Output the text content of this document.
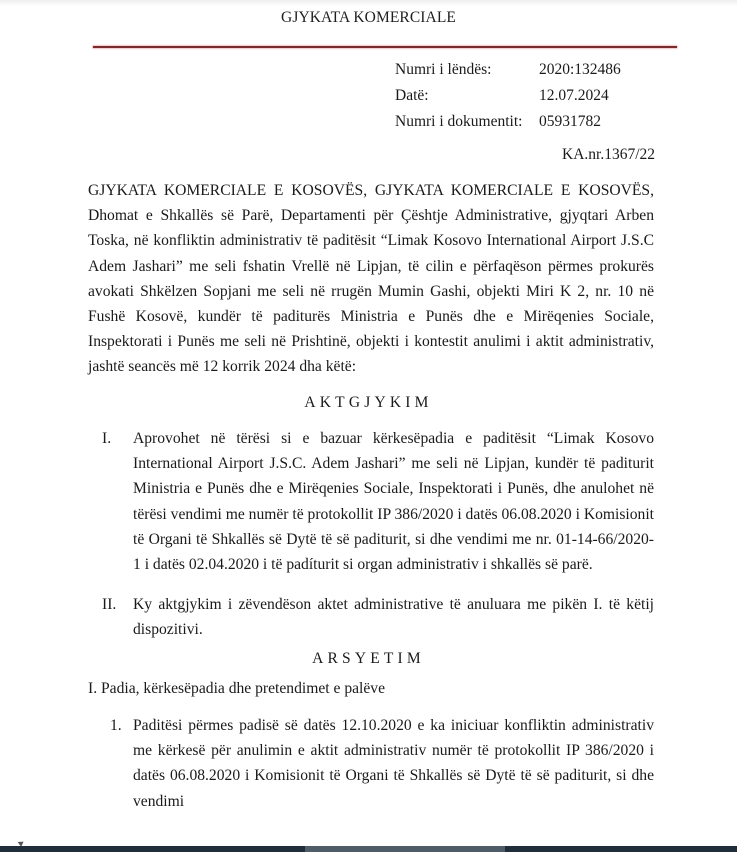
GJYKATA KOMERCIALE
Numri i lëndës:	2020:132486
Datë:	12.07.2024
Numri i dokumentit:	05931782
KA.nr.1367/22
GJYKATA KOMERCIALE E KOSOVËS, GJYKATA KOMERCIALE E KOSOVËS, Dhomat e Shkallës së Parë, Departamenti për Çështje Administrative, gjyqtari Arben Toska, në konfliktin administrativ të paditësit “Limak Kosovo International Airport J.S.C Adem Jashari” me seli fshatin Vrellë në Lipjan, të cilin e përfaqëson përmes prokurës avokati Shkëlzen Sopjani me seli në rrugën Mumin Gashi, objekti Miri K 2, nr. 10 në Fushë Kosovë, kundër të paditurës Ministria e Punës dhe e Mirëqenies Sociale, Inspektorati i Punës me seli në Prishtinë, objekti i kontestit anulimi i aktit administrativ, jashtë seancës më 12 korrik 2024 dha këtë:
AKTGJYKIM
I. Aprovohet në tërësi si e bazuar kërkesëpadia e paditësit “Limak Kosovo International Airport J.S.C. Adem Jashari” me seli në Lipjan, kundër të paditurit Ministria e Punës dhe e Mirëqenies Sociale, Inspektorati i Punës, dhe anulohet në tërësi vendimi me numër të protokollit IP 386/2020 i datës 06.08.2020 i Komisionit të Organi të Shkallës së Dytë të së paditurit, si dhe vendimi me nr. 01-14-66/2020-1 i datës 02.04.2020 i të padíturit si organ administrativ i shkallës së parë.
II. Ky aktgjykim i zëvendëson aktet administrative të anuluara me pikën I. të këtij dispozitivi.
ARSYETIM
I. Padia, kërkesëpadia dhe pretendimet e palëve
1. Paditësi përmes padisë së datës 12.10.2020 e ka iniciuar konfliktin administrativ me kërkesë për anulimin e aktit administrativ numër të protokollit IP 386/2020 i datës 06.08.2020 i Komisionit të Organi të Shkallës së Dytë të së paditurit, si dhe vendimi
